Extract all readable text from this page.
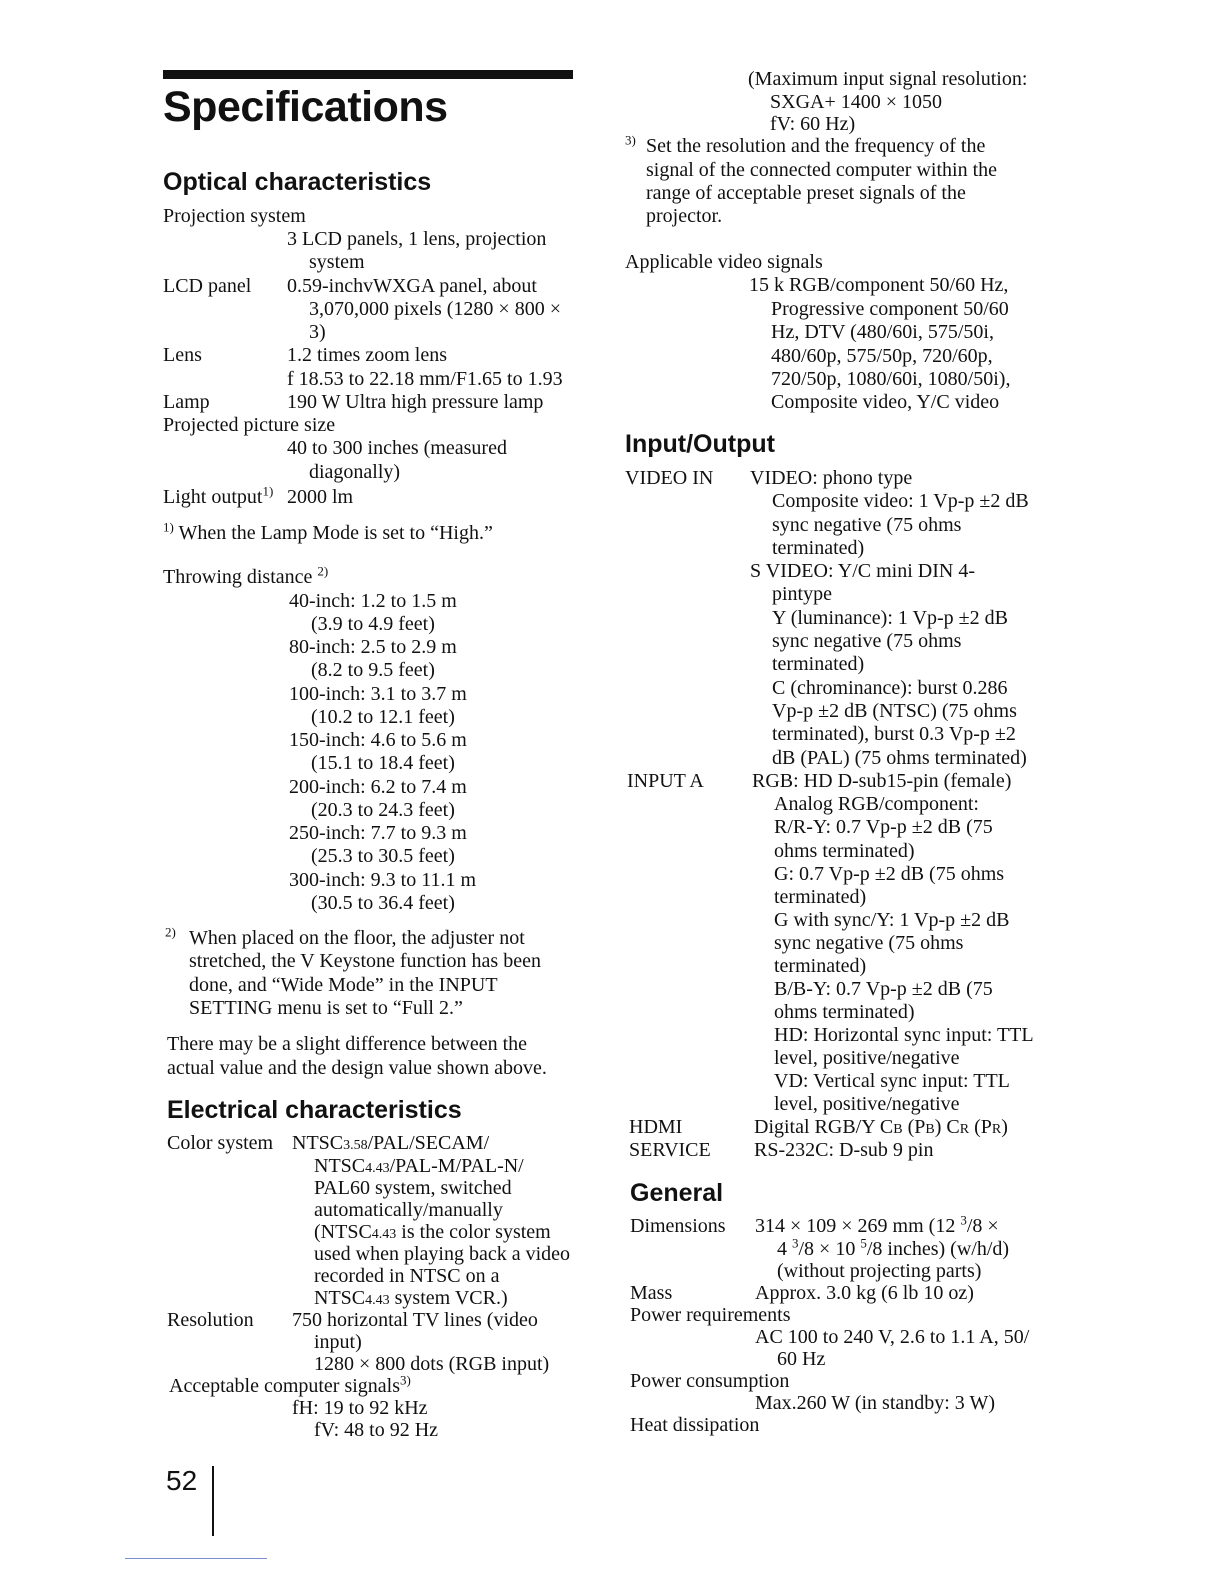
Specifications
Optical characteristics
Projection system
3 LCD panels, 1 lens, projection
system
LCD panel 0.59-inchvWXGA panel, about
3,070,000 pixels (1280 × 800 ×
3)
Lens	1.2 times zoom lens
f 18.53 to 22.18 mm/F1.65 to 1.93
Lamp	190 W Ultra high pressure lamp
Projected picture size
40 to 300 inches (measured
diagonally)
Light output$^{1)}$ 2000 lm
$^{1)}$ When the Lamp Mode is set to “High.”
Throwing distance $^{2)}$
40-inch: 1.2 to 1.5 m
(3.9 to 4.9 feet)
80-inch: 2.5 to 2.9 m
(8.2 to 9.5 feet)
100-inch: 3.1 to 3.7 m
(10.2 to 12.1 feet)
150-inch: 4.6 to 5.6 m
(15.1 to 18.4 feet)
200-inch: 6.2 to 7.4 m
(20.3 to 24.3 feet)
250-inch: 7.7 to 9.3 m
(25.3 to 30.5 feet)
300-inch: 9.3 to 11.1 m
(30.5 to 36.4 feet)
$^{2)}$ When placed on the floor, the adjuster not
stretched, the V Keystone function has been
done, and “Wide Mode” in the INPUT
SETTING menu is set to “Full 2.”
There may be a slight difference between the
actual value and the design value shown above.
Electrical characteristics
Color system NTSC3.58/PAL/SECAM/
NTSC4.43/PAL-M/PAL-N/
PAL60 system, switched
automatically/manually
(NTSC4.43 is the color system
used when playing back a video
recorded in NTSC on a
NTSC4.43 system VCR.)
Resolution 750 horizontal TV lines (video
input)
1280 × 800 dots (RGB input)
Acceptable computer signals$^{3)}$
fH: 19 to 92 kHz
fV: 48 to 92 Hz
(Maximum input signal resolution:
SXGA+ 1400 × 1050
fV: 60 Hz)
$^{3)}$ Set the resolution and the frequency of the
signal of the connected computer within the
range of acceptable preset signals of the
projector.
Applicable video signals
15 k RGB/component 50/60 Hz,
Progressive component 50/60
Hz, DTV (480/60i, 575/50i,
480/60p, 575/50p, 720/60p,
720/50p, 1080/60i, 1080/50i),
Composite video, Y/C video
Input/Output
VIDEO IN VIDEO: phono type
Composite video: 1 Vp-p ±2 dB
sync negative (75 ohms
terminated)
S VIDEO: Y/C mini DIN 4-
pintype
Y (luminance): 1 Vp-p ±2 dB
sync negative (75 ohms
terminated)
C (chrominance): burst 0.286
Vp-p ±2 dB (NTSC) (75 ohms
terminated), burst 0.3 Vp-p ±2
dB (PAL) (75 ohms terminated)
INPUT A RGB: HD D-sub15-pin (female)
Analog RGB/component:
R/R-Y: 0.7 Vp-p ±2 dB (75
ohms terminated)
G: 0.7 Vp-p ±2 dB (75 ohms
terminated)
G with sync/Y: 1 Vp-p ±2 dB
sync negative (75 ohms
terminated)
B/B-Y: 0.7 Vp-p ±2 dB (75
ohms terminated)
HD: Horizontal sync input: TTL
level, positive/negative
VD: Vertical sync input: TTL
level, positive/negative
HDMI	Digital RGB/Y CB (PB) CR (PR)
SERVICE RS-232C: D-sub 9 pin
General
Dimensions 314 × 109 × 269 mm (12 $^3$/8 ×
4 $^3$/8 × 10 $^5$/8 inches) (w/h/d)
(without projecting parts)
Mass	Approx. 3.0 kg (6 lb 10 oz)
Power requirements
AC 100 to 240 V, 2.6 to 1.1 A, 50/
60 Hz
Power consumption
Max.260 W (in standby: 3 W)
Heat dissipation
52
